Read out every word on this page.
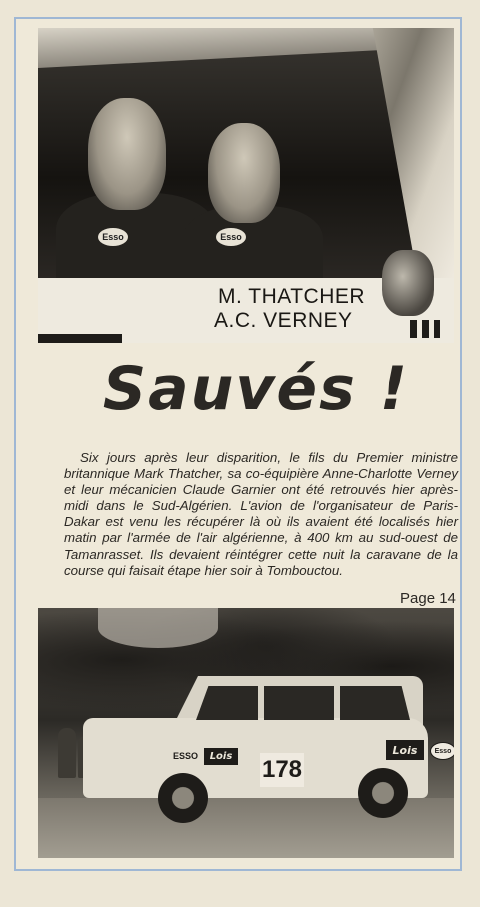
Esso	Esso
M. THATCHER
A.C. VERNEY
Sauvés !
Six jours après leur disparition, le fils du Premier ministre britannique Mark Thatcher, sa co-équipière Anne-Charlotte Verney et leur mécanicien Claude Garnier ont été retrouvés hier après-midi dans le Sud-Algérien. L'avion de l'organisateur de Paris-Dakar est venu les récupérer là où ils avaient été localisés hier matin par l'armée de l'air algérienne, à 400 km au sud-ouest de Tamanrasset. Ils devaient réintégrer cette nuit la caravane de la course qui faisait étape hier soir à Tombouctou.
Page 14
ESSO	Lois 178
Lois	Esso
